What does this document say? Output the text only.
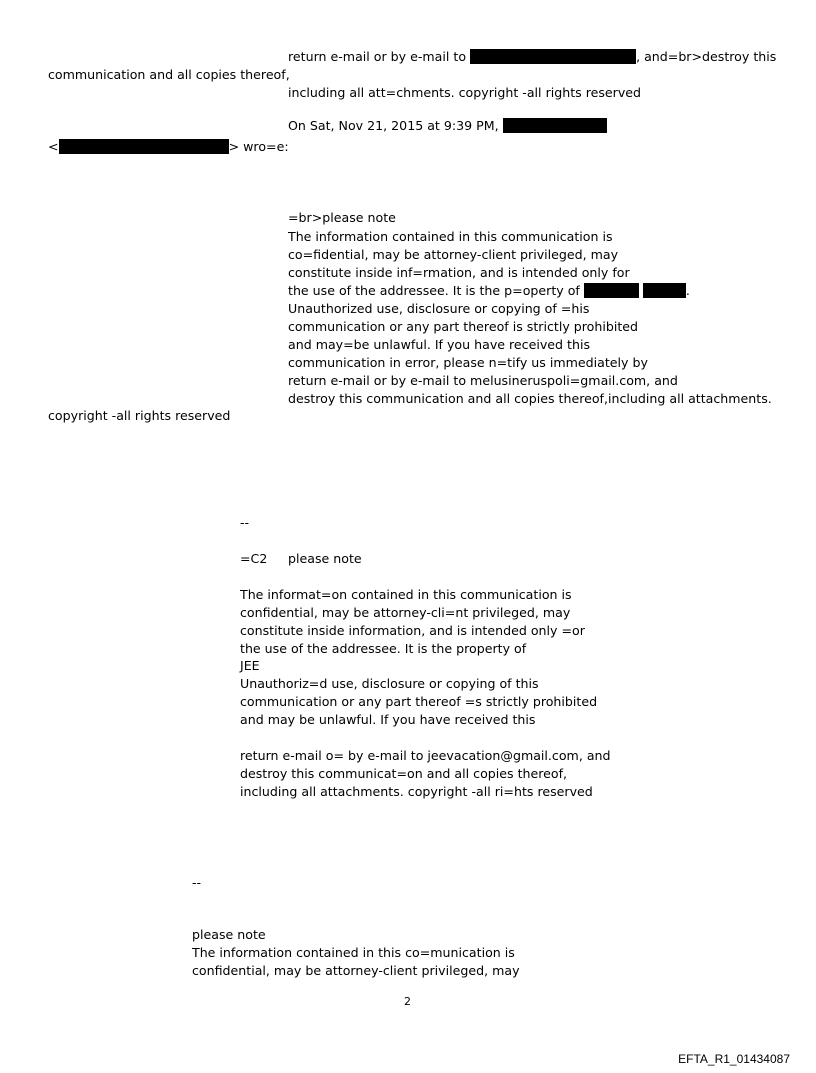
return e-mail or by e-mail to	, and=br>destroy this
communication and all copies thereof,
including all att=chments. copyright -all rights reserved
On Sat, Nov 21, 2015 at 9:39 PM,
<	> wro=e:
=br>please note
The information contained in this communication is
co=fidential, may be attorney-client privileged, may
constitute inside inf=rmation, and is intended only for
the use of the addressee. It is the p=operty of	.
Unauthorized use, disclosure or copying of =his
communication or any part thereof is strictly prohibited
and may=be unlawful. If you have received this
communication in error, please n=tify us immediately by
return e-mail or by e-mail to melusineruspoli=gmail.com, and
destroy this communication and all copies thereof,including all attachments.
copyright -all rights reserved
--
=C2 please note
The informat=on contained in this communication is
confidential, may be attorney-cli=nt privileged, may
constitute inside information, and is intended only =or
the use of the addressee. It is the property of
JEE
Unauthoriz=d use, disclosure or copying of this
communication or any part thereof =s strictly prohibited
and may be unlawful. If you have received this
return e-mail o= by e-mail to jeevacation@gmail.com, and
destroy this communicat=on and all copies thereof,
including all attachments. copyright -all ri=hts reserved
--
please note
The information contained in this co=munication is
confidential, may be attorney-client privileged, may
2
EFTA_R1_01434087
